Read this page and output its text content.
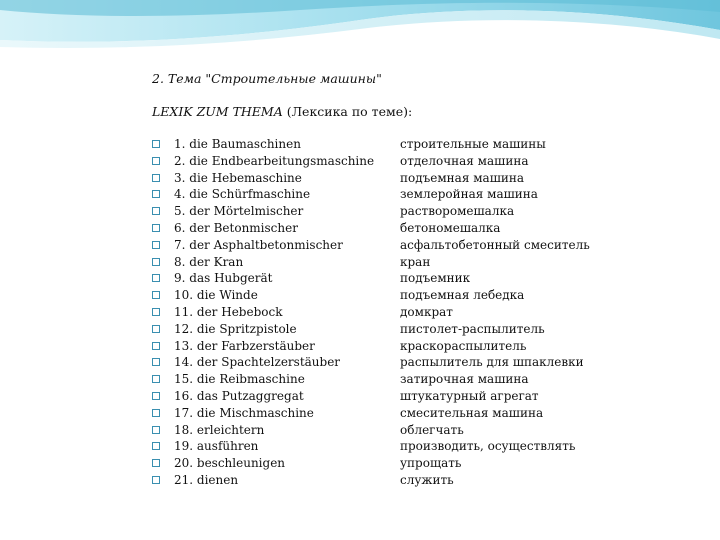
2. Тема "Строительные машины"
LEXIK ZUM THEMA (Лексика по теме):
1. die Baumaschinen	строительные машины
2. die Endbearbeitungsmaschine отделочная машина
3. die Hebemaschine	подъемная машина
4. die Schürfmaschine	землеройная машина
5. der Mörtelmischer	растворомешалка
6. der Betonmischer	бетономешалка
7. der Asphaltbetonmischer	асфальтобетонный смеситель
8. der Kran	кран
9. das Hubgerät	подъемник
10. die Winde	подъемная лебедка
11. der Hebebock	домкрат
12. die Spritzpistole	пистолет-распылитель
13. der Farbzerstäuber	краскораспылитель
14. der Spachtelzerstäuber	распылитель для шпаклевки
15. die Reibmaschine	затирочная машина
16. das Putzaggregat	штукатурный агрегат
17. die Mischmaschine	смесительная машина
18. erleichtern	облегчать
19. ausführen	производить, осуществлять
20. beschleunigen	упрощать
21. dienen	служить
